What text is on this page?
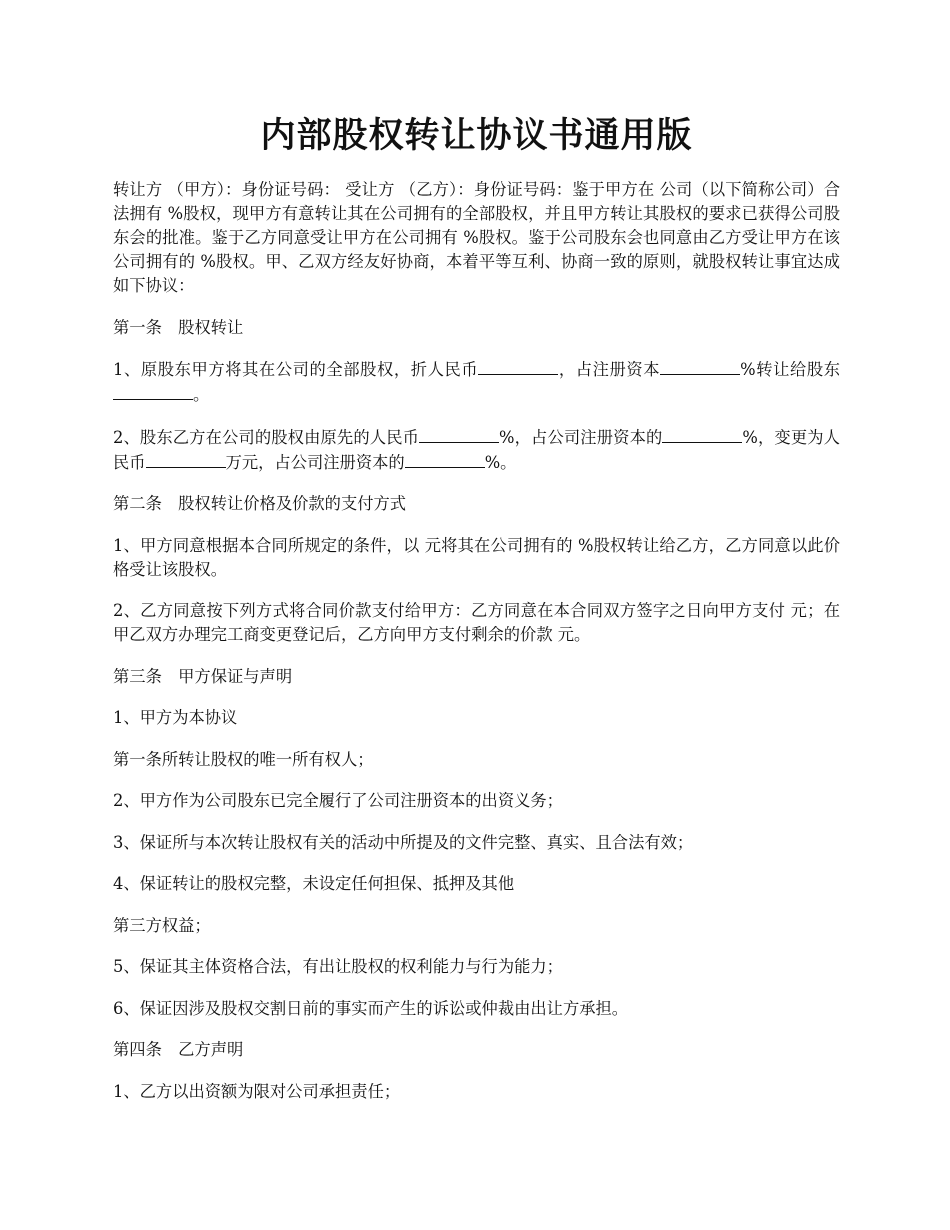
内部股权转让协议书通用版

转让方 （甲方）：身份证号码： 受让方 （乙方）：身份证号码：鉴于甲方在 公司（以下简称公司）合法拥有 %股权，现甲方有意转让其在公司拥有的全部股权，并且甲方转让其股权的要求已获得公司股东会的批准。鉴于乙方同意受让甲方在公司拥有 %股权。鉴于公司股东会也同意由乙方受让甲方在该公司拥有的 %股权。甲、乙双方经友好协商，本着平等互利、协商一致的原则，就股权转让事宜达成如下协议：

第一条　股权转让

1、原股东甲方将其在公司的全部股权，折人民币	，占注册资本	%转让给股东。

2、股东乙方在公司的股权由原先的人民币	%，占公司注册资本的	%，变更为人民币	万元，占公司注册资本的	%。

第二条　股权转让价格及价款的支付方式

1、甲方同意根据本合同所规定的条件，以 元将其在公司拥有的 %股权转让给乙方，乙方同意以此价格受让该股权。

2、乙方同意按下列方式将合同价款支付给甲方：乙方同意在本合同双方签字之日向甲方支付 元；在甲乙双方办理完工商变更登记后，乙方向甲方支付剩余的价款 元。

第三条　甲方保证与声明

1、甲方为本协议

第一条所转让股权的唯一所有权人；

2、甲方作为公司股东已完全履行了公司注册资本的出资义务；

3、保证所与本次转让股权有关的活动中所提及的文件完整、真实、且合法有效；

4、保证转让的股权完整，未设定任何担保、抵押及其他

第三方权益；

5、保证其主体资格合法，有出让股权的权利能力与行为能力；

6、保证因涉及股权交割日前的事实而产生的诉讼或仲裁由出让方承担。

第四条　乙方声明

1、乙方以出资额为限对公司承担责任；
